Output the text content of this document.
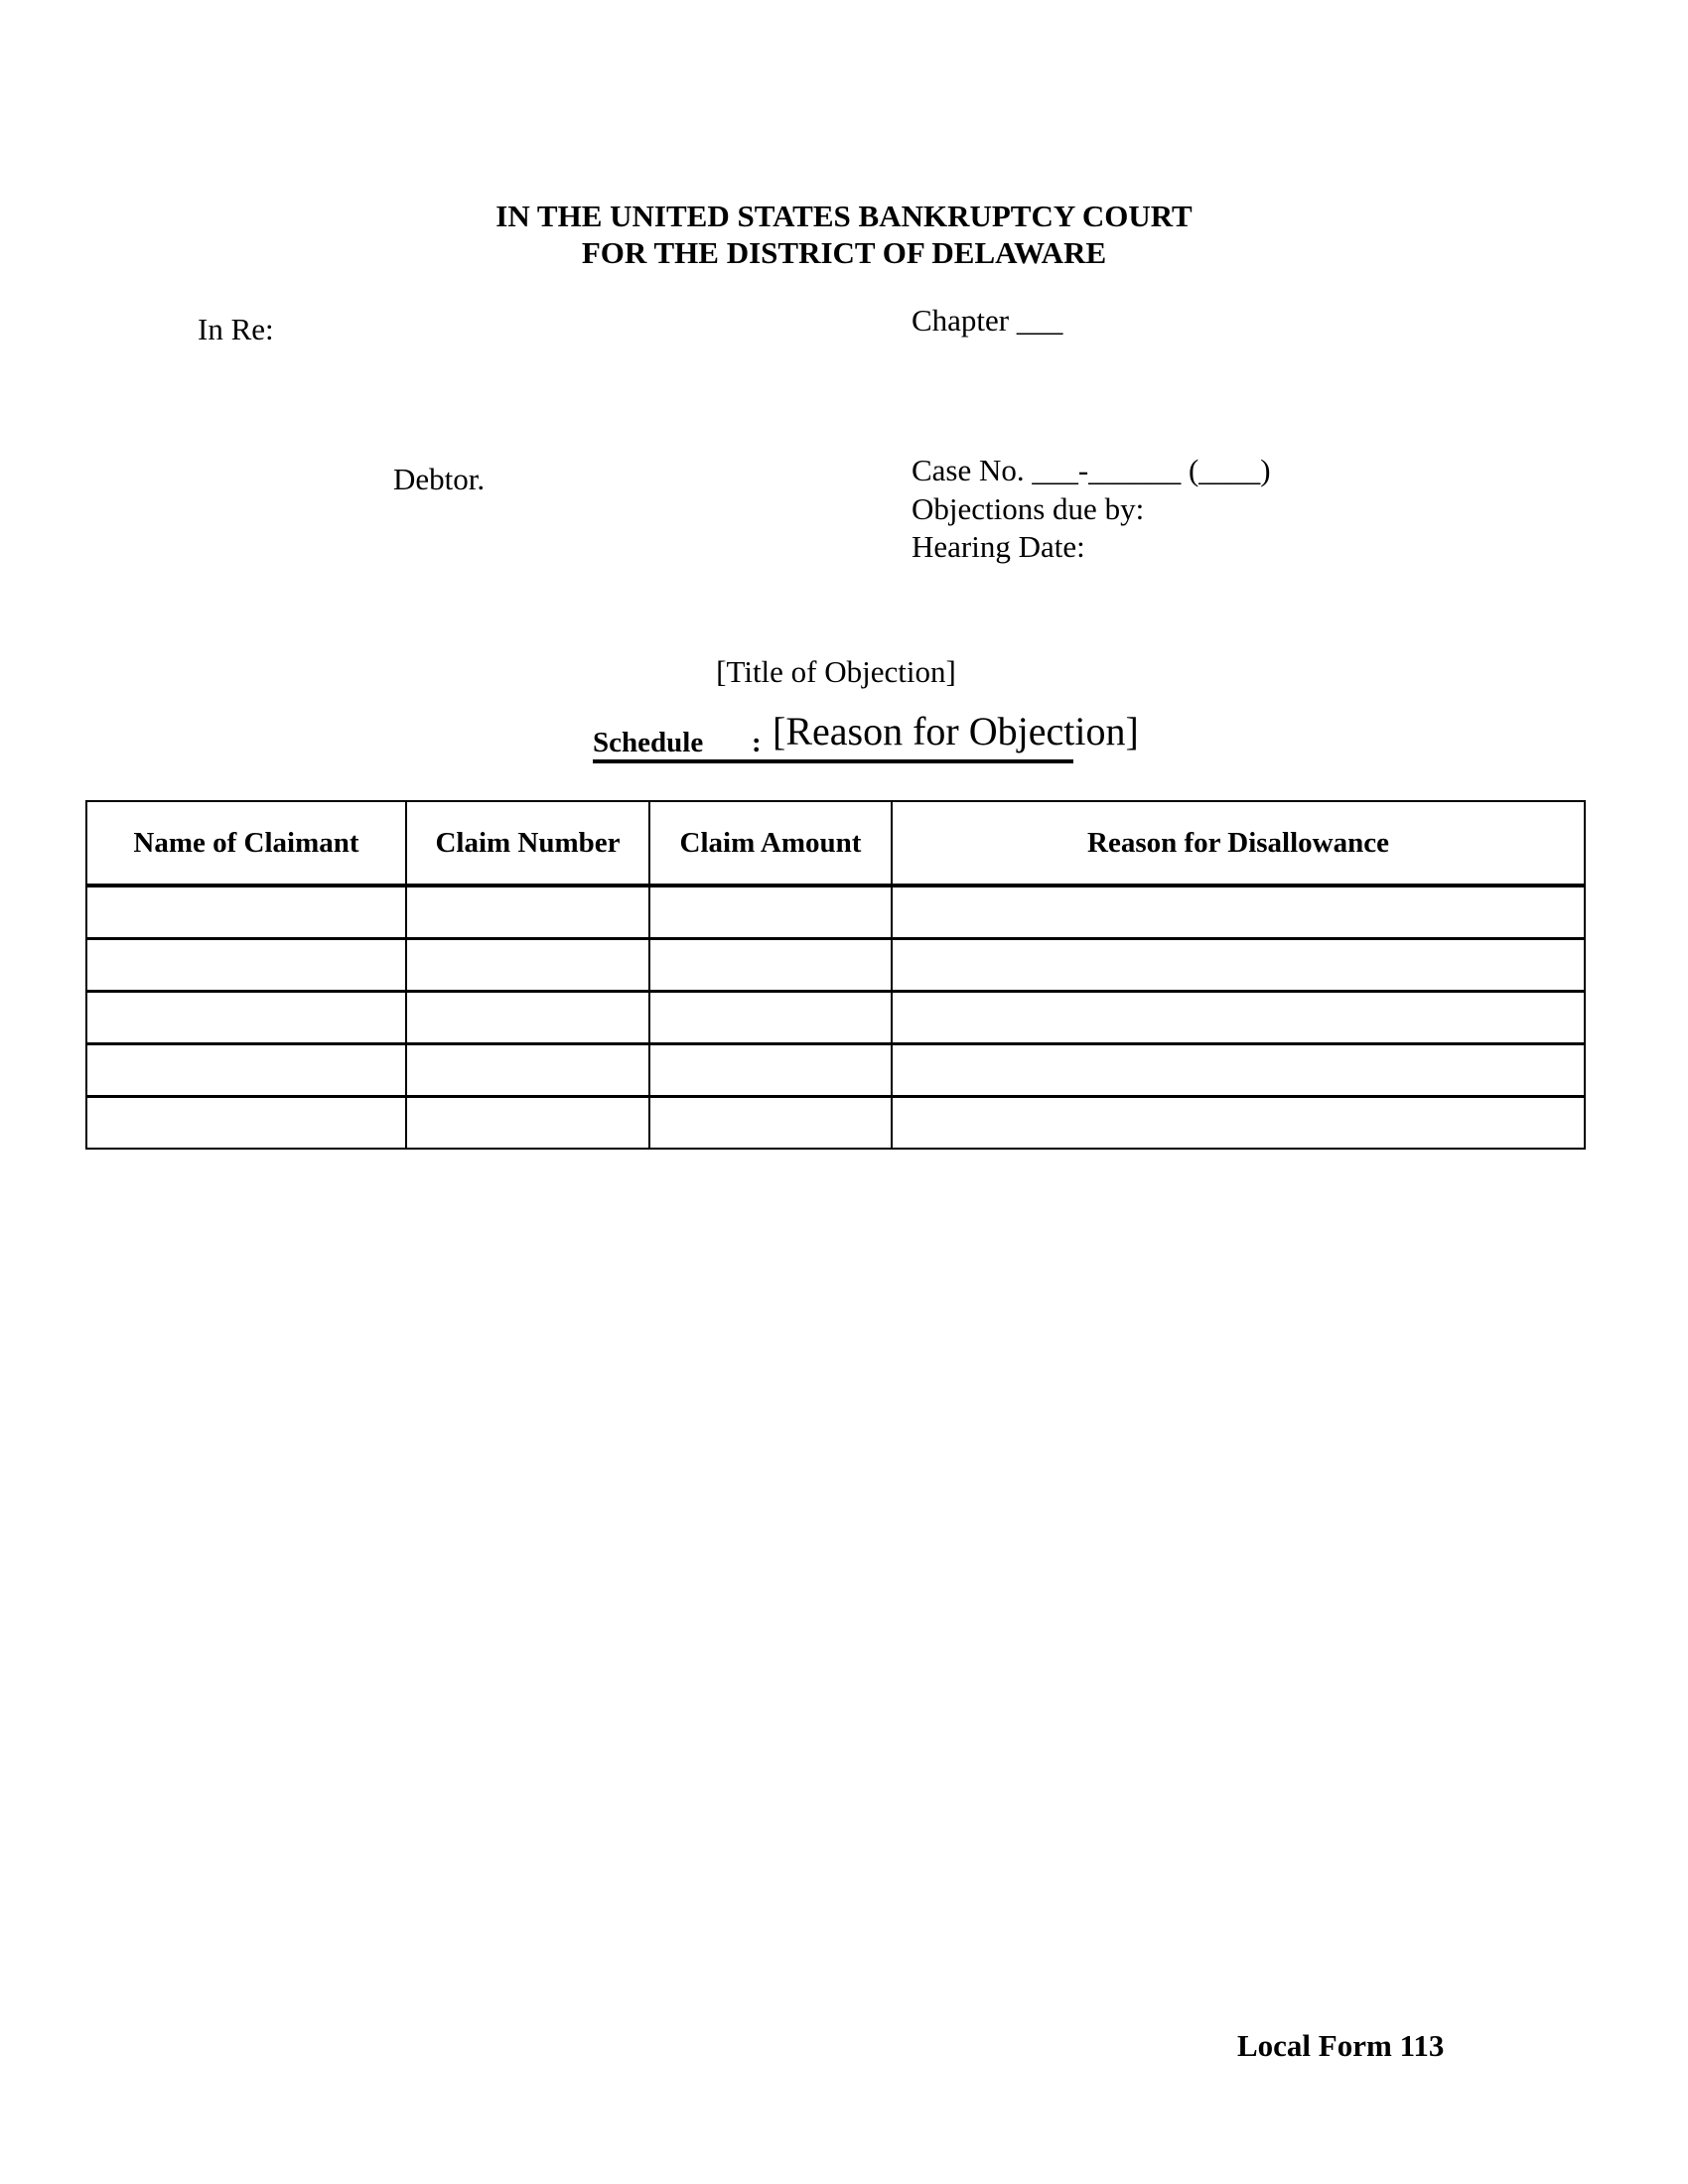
IN THE UNITED STATES BANKRUPTCY COURT
FOR THE DISTRICT OF DELAWARE
In Re:	Chapter ___
Debtor.	Case No. ___-______ (____)
Objections due by:
Hearing Date:
[Title of Objection]
Schedule : [Reason for Objection]
Name of Claimant	Claim Number	Claim Amount	Reason for Disallowance

Local Form 113
